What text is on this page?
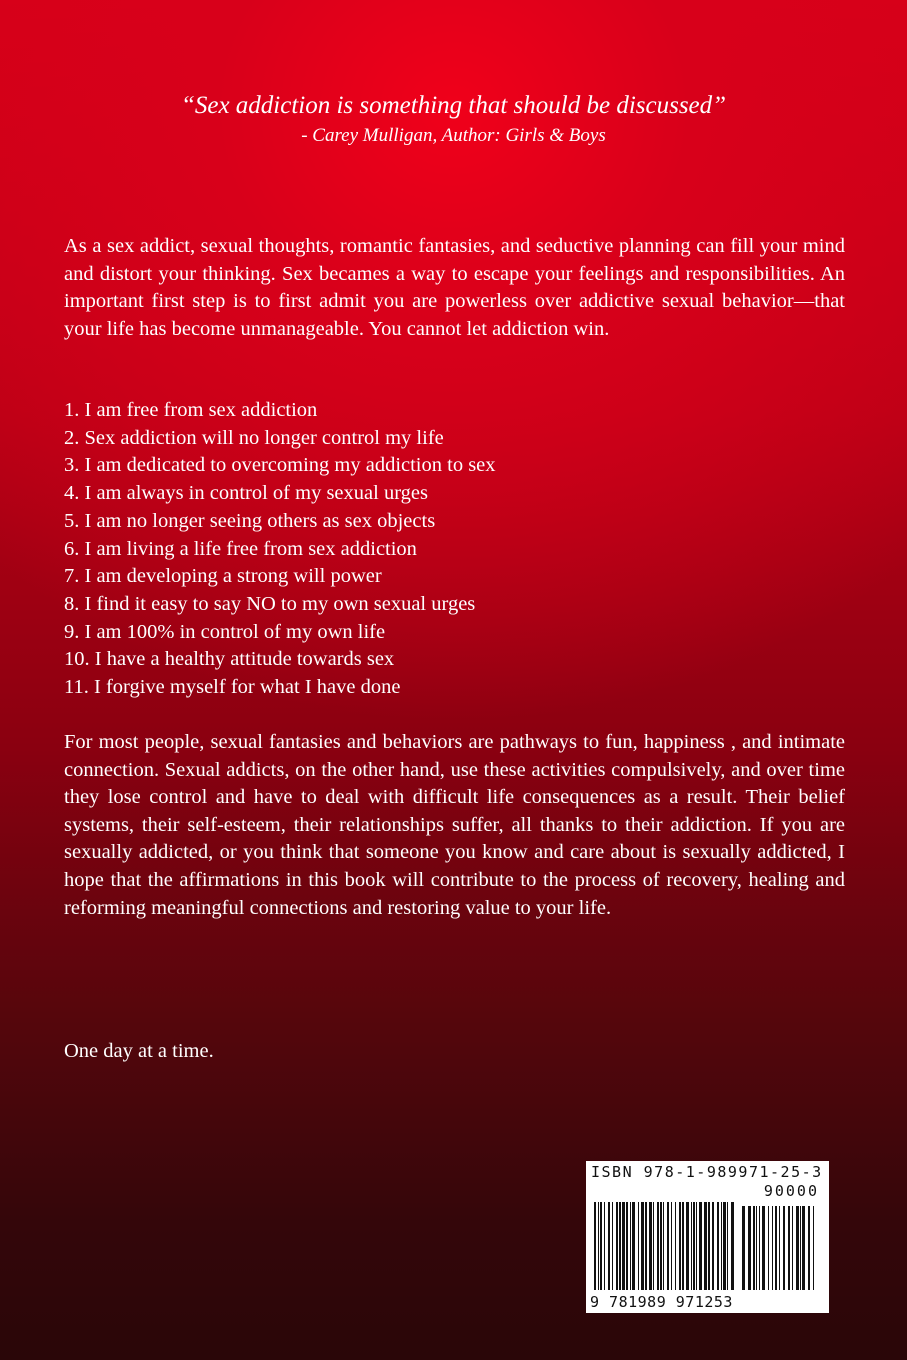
“Sex addiction is something that should be discussed”
- Carey Mulligan, Author: Girls & Boys

As a sex addict, sexual thoughts, romantic fantasies, and seductive planning can fill your mind and distort your thinking. Sex becames a way to escape your feelings and responsibilities. An important first step is to first admit you are powerless over addictive sexual behavior—that your life has become unmanageable. You cannot let addiction win.

1. I am free from sex addiction
2. Sex addiction will no longer control my life
3. I am dedicated to overcoming my addiction to sex
4. I am always in control of my sexual urges
5. I am no longer seeing others as sex objects
6. I am living a life free from sex addiction
7. I am developing a strong will power
8. I find it easy to say NO to my own sexual urges
9. I am 100% in control of my own life
10. I have a healthy attitude towards sex
11. I forgive myself for what I have done

For most people, sexual fantasies and behaviors are pathways to fun, happiness , and intimate connection. Sexual addicts, on the other hand, use these activities compulsively, and over time they lose control and have to deal with difficult life consequences as a result. Their belief systems, their self-esteem, their relationships suffer, all thanks to their addiction. If you are sexually addicted, or you think that someone you know and care about is sexually addicted, I hope that the affirmations in this book will contribute to the process of recovery, healing and reforming meaningful connections and restoring value to your life.

One day at a time.
ISBN 978-1-989971-25-3
90000
9 781989 971253
